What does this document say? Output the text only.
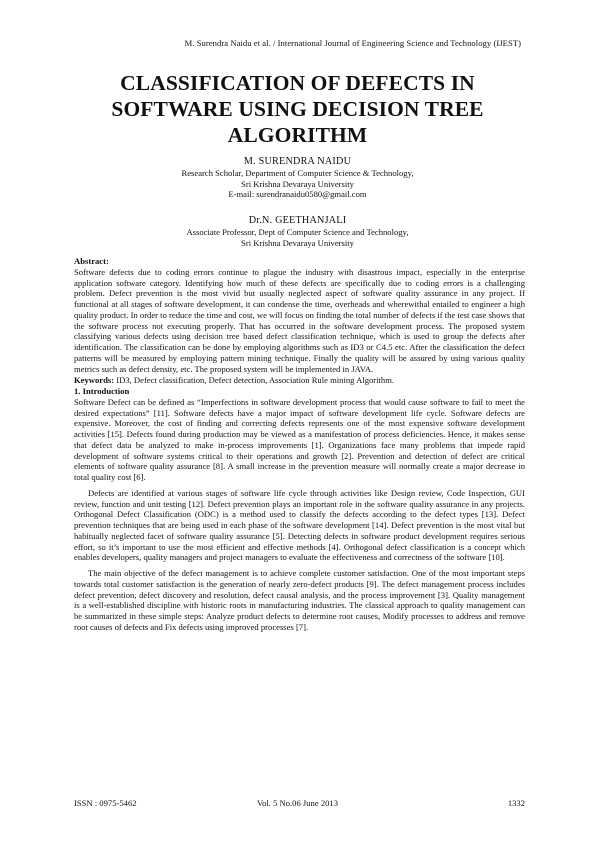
M. Surendra Naidu et al. / International Journal of Engineering Science and Technology (IJEST)
CLASSIFICATION OF DEFECTS IN
SOFTWARE USING DECISION TREE
ALGORITHM
M. SURENDRA NAIDU
Research Scholar, Department of Computer Science & Technology,
Sri Krishna Devaraya University
E-mail: surendranaidu0580@gmail.com
Dr.N. GEETHANJALI
Associate Professor, Dept of Computer Science and Technology,
Sri Krishna Devaraya University
Abstract:

Software defects due to coding errors continue to plague the industry with disastrous impact, especially in the enterprise application software category. Identifying how much of these defects are specifically due to coding errors is a challenging problem. Defect prevention is the most vivid but usually neglected aspect of software quality assurance in any project. If functional at all stages of software development, it can condense the time, overheads and wherewithal entailed to engineer a high quality product. In order to reduce the time and cost, we will focus on finding the total number of defects if the test case shows that the software process not executing properly. That has occurred in the software development process. The proposed system classifying various defects using decision tree based defect classification technique, which is used to group the defects after identification. The classification can be done by employing algorithms such as ID3 or C4.5 etc. After the classification the defect patterns will be measured by employing pattern mining technique. Finally the quality will be assured by using various quality metrics such as defect density, etc. The proposed system will be implemented in JAVA.

Keywords: ID3, Defect classification, Defect detection, Association Rule mining Algorithm.

1. Introduction

Software Defect can be defined as “Imperfections in software development process that would cause software to fail to meet the desired expectations” [11]. Software defects have a major impact of software development life cycle. Software defects are expensive. Moreover, the cost of finding and correcting defects represents one of the most expensive software development activities [15]. Defects found during production may be viewed as a manifestation of process deficiencies. Hence, it makes sense that defect data be analyzed to make in-process improvements [1]. Organizations face many problems that impede rapid development of software systems critical to their operations and growth [2]. Prevention and detection of defect are critical elements of software quality assurance [8]. A small increase in the prevention measure will normally create a major decrease in total quality cost [6].

Defects are identified at various stages of software life cycle through activities like Design review, Code Inspection, GUI review, function and unit testing [12]. Defect prevention plays an important role in the software quality assurance in any projects. Orthogonal Defect Classification (ODC) is a method used to classify the defects according to the defect types [13]. Defect prevention techniques that are being used in each phase of the software development [14]. Defect prevention is the most vital but habitually neglected facet of software quality assurance [5]. Detecting defects in software product development requires serious effort, so it’s important to use the most efficient and effective methods [4]. Orthogonal defect classification is a concept which enables developers, quality managers and project managers to evaluate the effectiveness and correctness of the software [10].

The main objective of the defect management is to achieve complete customer satisfaction. One of the most important steps towards total customer satisfaction is the generation of nearly zero-defect products [9]. The defect management process includes defect prevention, defect discovery and resolution, defect causal analysis, and the process improvement [3]. Quality management is a well-established discipline with historic roots in manufacturing industries. The classical approach to quality management can be summarized in these simple steps: Analyze product defects to determine root causes, Modify processes to address and remove root causes of defects and Fix defects using improved processes [7].

ISSN : 0975-5462	Vol. 5 No.06 June 2013	1332
